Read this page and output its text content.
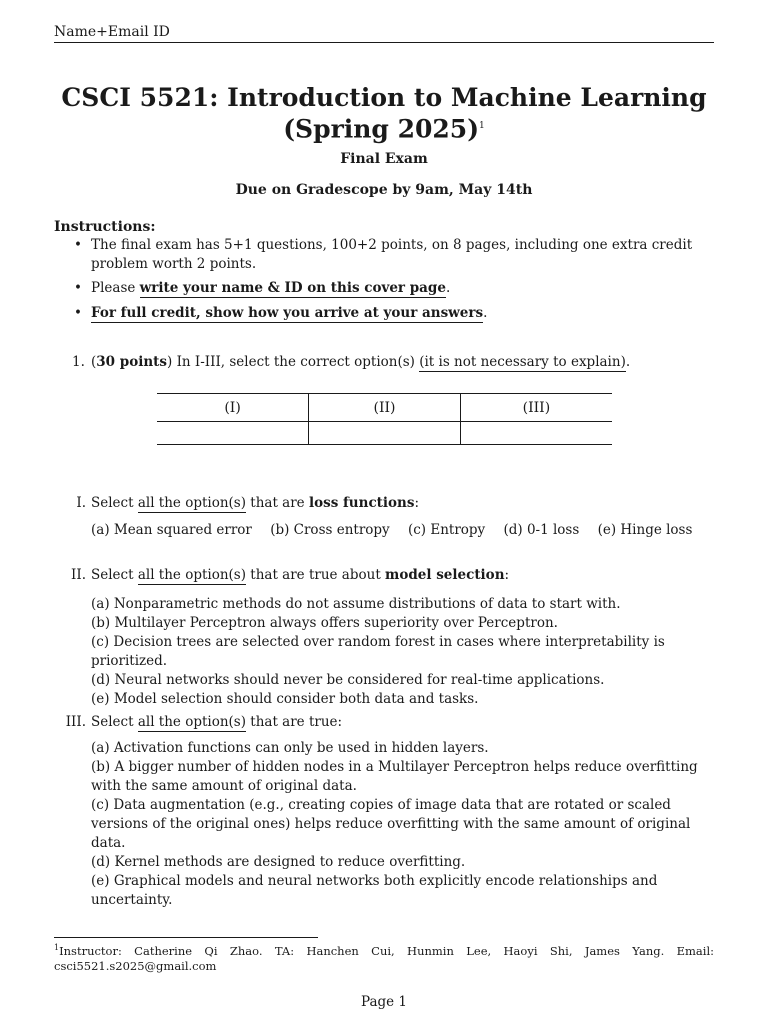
Name+Email ID
CSCI 5521: Introduction to Machine Learning
(Spring 2025)$^1$
Final Exam
Due on Gradescope by 9am, May 14th
Instructions:
• The final exam has 5+1 questions, 100+2 points, on 8 pages, including one extra credit problem worth 2 points.
• Please write your name & ID on this cover page.
• For full credit, show how you arrive at your answers.
1. (30 points) In I-III, select the correct option(s) (it is not necessary to explain).
(I)	(II)	(III)

I. Select all the option(s) that are loss functions:
(a) Mean squared error (b) Cross entropy (c) Entropy (d) 0-1 loss (e) Hinge loss
II. Select all the option(s) that are true about model selection:
(a) Nonparametric methods do not assume distributions of data to start with.
(b) Multilayer Perceptron always offers superiority over Perceptron.
(c) Decision trees are selected over random forest in cases where interpretability is prioritized.
(d) Neural networks should never be considered for real-time applications.
(e) Model selection should consider both data and tasks.
III. Select all the option(s) that are true:
(a) Activation functions can only be used in hidden layers.
(b) A bigger number of hidden nodes in a Multilayer Perceptron helps reduce overfitting with the same amount of original data.
(c) Data augmentation (e.g., creating copies of image data that are rotated or scaled versions of the original ones) helps reduce overfitting with the same amount of original data.
(d) Kernel methods are designed to reduce overfitting.
(e) Graphical models and neural networks both explicitly encode relationships and uncertainty.
$^1$Instructor: Catherine Qi Zhao. TA: Hanchen Cui, Hunmin Lee, Haoyi Shi, James Yang. Email: csci5521.s2025@gmail.com
Page 1
